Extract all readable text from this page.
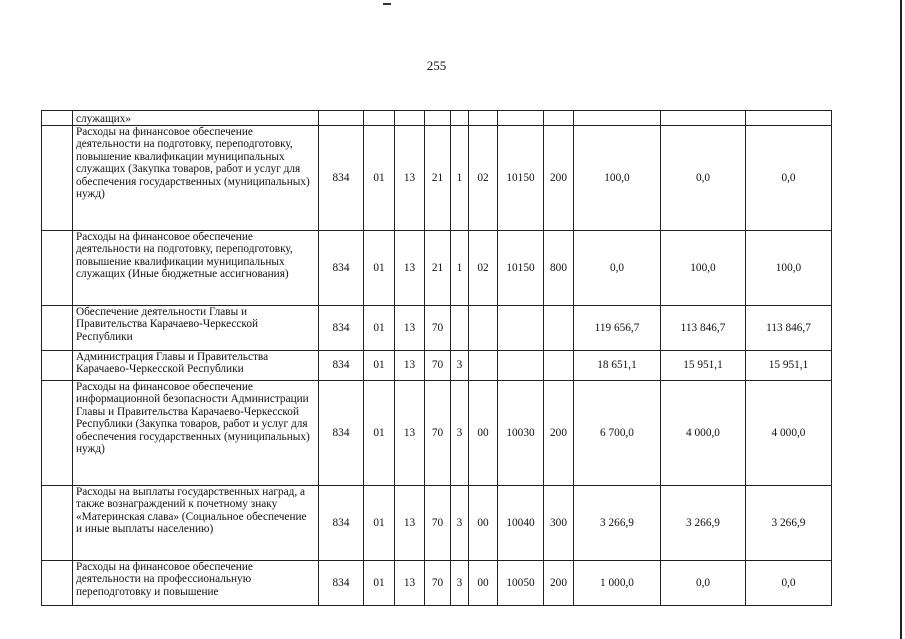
255
	служащих»											
	Расходы на финансовое обеспечение деятельности на подготовку, переподготовку, повышение квалификации муниципальных служащих (Закупка товаров, работ и услуг для обеспечения государственных (муниципальных) нужд)	834	01	13	21	1	02	10150	200	100,0	0,0	0,0
	Расходы на финансовое обеспечение деятельности на подготовку, переподготовку, повышение квалификации муниципальных служащих (Иные бюджетные ассигнования)	834	01	13	21	1	02	10150	800	0,0	100,0	100,0
	Обеспечение деятельности Главы и Правительства Карачаево-Черкесской Республики	834	01	13	70					119 656,7	113 846,7	113 846,7
	Администрация Главы и Правительства Карачаево-Черкесской Республики	834	01	13	70	3				18 651,1	15 951,1	15 951,1
	Расходы на финансовое обеспечение информационной безопасности Администрации Главы и Правительства Карачаево-Черкесской Республики (Закупка товаров, работ и услуг для обеспечения государственных (муниципальных) нужд)	834	01	13	70	3	00	10030	200	6 700,0	4 000,0	4 000,0
	Расходы на выплаты государственных наград, а также вознаграждений к почетному знаку «Материнская слава» (Социальное обеспечение и иные выплаты населению)	834	01	13	70	3	00	10040	300	3 266,9	3 266,9	3 266,9
	Расходы на финансовое обеспечение деятельности на профессиональную переподготовку и повышение	834	01	13	70	3	00	10050	200	1 000,0	0,0	0,0
